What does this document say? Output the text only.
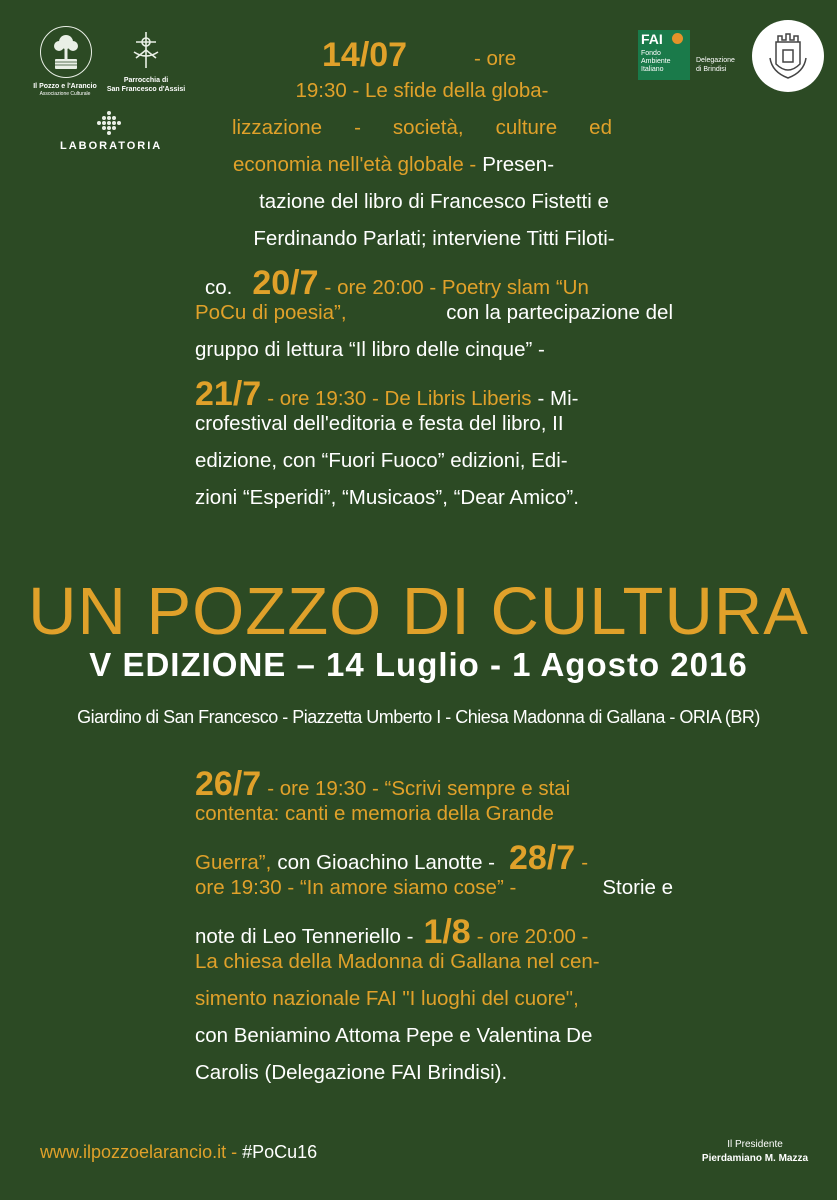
Il Pozzo e l'Arancio
Associazione Culturale
Parrocchia di
San Francesco d'Assisi
LABORATORIA
FAI
Fondo
Ambiente
Italiano
Delegazione
di Brindisi
14/07	- ore
19:30 - Le sfide della globa-
lizzazione - società, culture ed
economia nell'età globale - Presen-
tazione del libro di Francesco Fistetti e
Ferdinando Parlati; interviene Titti Filoti-
co. 20/7 - ore 20:00 - Poetry slam “Un
PoCu di poesia”,	con la partecipazione del
gruppo di lettura “Il libro delle cinque” -
21/7 - ore 19:30 - De Libris Liberis - Mi-
crofestival dell'editoria e festa del libro, II
edizione, con “Fuori Fuoco” edizioni, Edi-
zioni “Esperidi”, “Musicaos”, “Dear Amico”.
UN POZZO DI CULTURA
V EDIZIONE – 14 Luglio - 1 Agosto 2016
Giardino di San Francesco - Piazzetta Umberto I - Chiesa Madonna di Gallana - ORIA (BR)
26/7 - ore 19:30 - “Scrivi sempre e stai
contenta: canti e memoria della Grande
Guerra”, con Gioachino Lanotte - 28/7 -
ore 19:30 - “In amore siamo cose” -	Storie e
note di Leo Tenneriello - 1/8 - ore 20:00 -
La chiesa della Madonna di Gallana nel cen-
simento nazionale FAI "I luoghi del cuore",
con Beniamino Attoma Pepe e Valentina De
Carolis (Delegazione FAI Brindisi).
www.ilpozzoelarancio.it - #PoCu16	Il Presidente
Pierdamiano M. Mazza
